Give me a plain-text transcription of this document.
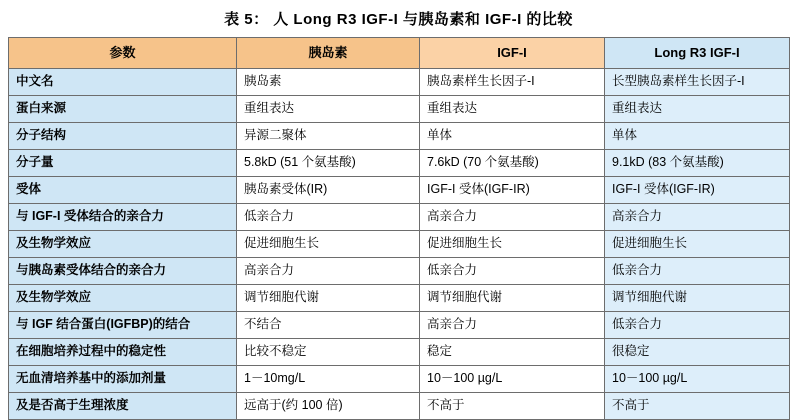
表 5： 人 Long R3 IGF-I 与胰岛素和 IGF-I 的比较
参数	胰岛素	IGF-I	Long R3 IGF-I
中文名	胰岛素	胰岛素样生长因子-I	长型胰岛素样生长因子-I
蛋白来源	重组表达	重组表达	重组表达
分子结构	异源二聚体	单体	单体
分子量	5.8kD (51 个氨基酸)	7.6kD (70 个氨基酸)	9.1kD (83 个氨基酸)
受体	胰岛素受体(IR)	IGF-I 受体(IGF-IR)	IGF-I 受体(IGF-IR)
与 IGF-I 受体结合的亲合力	低亲合力	高亲合力	高亲合力
及生物学效应	促进细胞生长	促进细胞生长	促进细胞生长
与胰岛素受体结合的亲合力	高亲合力	低亲合力	低亲合力
及生物学效应	调节细胞代谢	调节细胞代谢	调节细胞代谢
与 IGF 结合蛋白(IGFBP)的结合	不结合	高亲合力	低亲合力
在细胞培养过程中的稳定性	比较不稳定	稳定	很稳定
无血清培养基中的添加剂量	1－10mg/L	10－100 µg/L	10－100 µg/L
及是否高于生理浓度	远高于(约 100 倍)	不高于	不高于
